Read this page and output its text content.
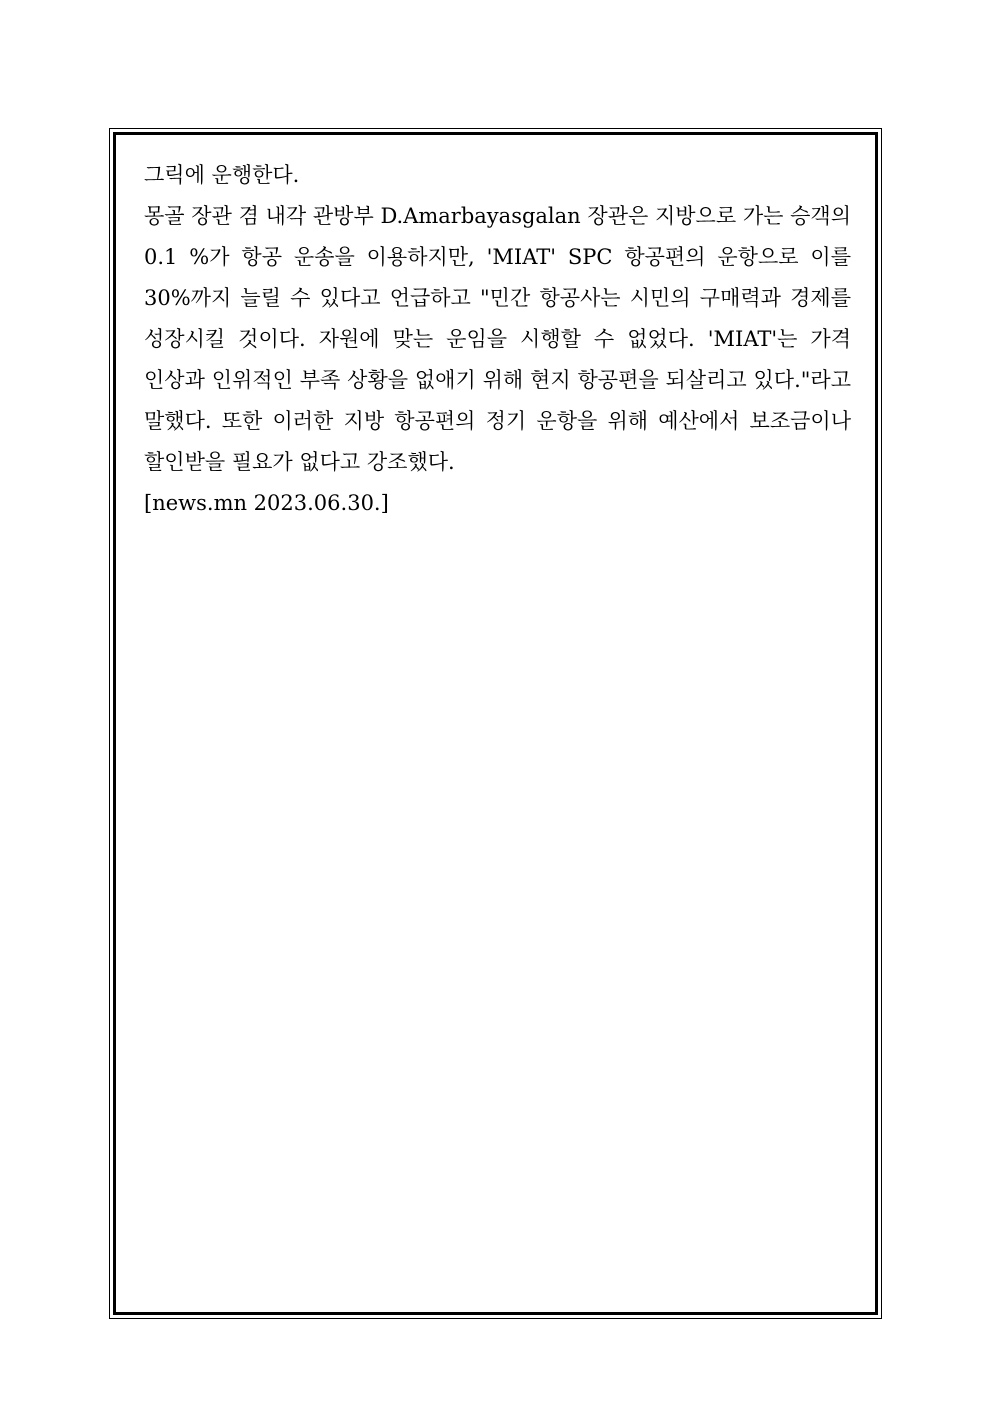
그릭에 운행한다.

몽골 장관 겸 내각 관방부 D.Amarbayasgalan 장관은 지방으로 가는 승객의 0.1 %가 항공 운송을 이용하지만, 'MIAT' SPC 항공편의 운항으로 이를 30%까지 늘릴 수 있다고 언급하고 "민간 항공사는 시민의 구매력과 경제를 성장시킬 것이다. 자원에 맞는 운임을 시행할 수 없었다. 'MIAT'는 가격 인상과 인위적인 부족 상황을 없애기 위해 현지 항공편을 되살리고 있다."라고 말했다. 또한 이러한 지방 항공편의 정기 운항을 위해 예산에서 보조금이나 할인받을 필요가 없다고 강조했다.

[news.mn 2023.06.30.]
